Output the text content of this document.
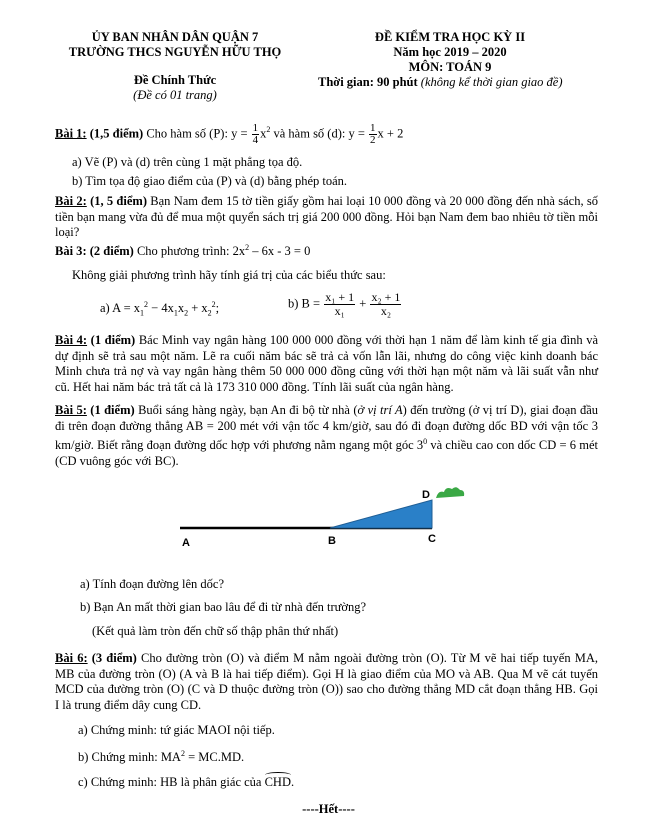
ỦY BAN NHÂN DÂN QUẬN 7
TRƯỜNG THCS NGUYỄN HỮU THỌ
Đề Chính Thức
(Đề có 01 trang)
ĐỀ KIỂM TRA HỌC KỲ II
Năm học 2019 – 2020
MÔN: TOÁN 9
Thời gian: 90 phút (không kể thời gian giao đề)
Bài 1: (1,5 điểm) Cho hàm số (P): $y = \frac{1}{4} x^2$ và hàm số (d): $y = \frac{1}{2}$ x + 2
a) Vẽ (P) và (d) trên cùng 1 mặt phẳng tọa độ.
b) Tìm tọa độ giao điểm của (P) và (d) bằng phép toán.
Bài 2: (1, 5 điểm) Bạn Nam đem 15 tờ tiền giấy gồm hai loại 10 000 đồng và 20 000 đồng đến nhà sách, số tiền bạn mang vừa đủ để mua một quyển sách trị giá 200 000 đồng. Hỏi bạn Nam đem bao nhiêu tờ tiền mỗi loại?
Bài 3: (2 điểm) Cho phương trình: $2x^2 - 6x - 3 = 0$
Không giải phương trình hãy tính giá trị của các biểu thức sau:
a) $A = x_1^2 - 4x_1x_2 + x_2^2$;	b) $B = \frac{\text{x₁ + 1}}{\text{x₁}} + \frac{\text{x₂ + 1}}{\text{x₂}}$
Bài 4: (1 điểm) Bác Minh vay ngân hàng 100 000 000 đồng với thời hạn 1 năm để làm kinh tế gia đình và dự định sẽ trả sau một năm. Lẽ ra cuối năm bác sẽ trả cả vốn lẫn lãi, nhưng do công việc kinh doanh bác Minh chưa trả nợ và vay ngân hàng thêm 50 000 000 đồng cũng với thời hạn một năm và lãi suất vẫn như cũ. Hết hai năm bác trả tất cả là 173 310 000 đồng. Tính lãi suất của ngân hàng.
Bài 5: (1 điểm) Buổi sáng hàng ngày, bạn An đi bộ từ nhà (ở vị trí A) đến trường (ở vị trí D), giai đoạn đầu đi trên đoạn đường thẳng AB = 200 mét với vận tốc 4 km/giờ, sau đó đi đoạn đường dốc BD với vận tốc 3 km/giờ. Biết rằng đoạn đường dốc hợp với phương nằm ngang một góc $3^0$ và chiều cao con dốc CD = 6 mét (CD vuông góc với BC).
A	B	C
D
a) Tính đoạn đường lên dốc?
b) Bạn An mất thời gian bao lâu để đi từ nhà đến trường?
(Kết quả làm tròn đến chữ số thập phân thứ nhất)
Bài 6: (3 điểm) Cho đường tròn (O) và điểm M nằm ngoài đường tròn (O). Từ M vẽ hai tiếp tuyến MA, MB của đường tròn (O) (A và B là hai tiếp điểm). Gọi H là giao điểm của MO và AB. Qua M vẽ cát tuyến MCD của đường tròn (O) (C và D thuộc đường tròn (O)) sao cho đường thẳng MD cắt đoạn thẳng HB. Gọi I là trung điểm dây cung CD.
a) Chứng minh: tứ giác MAOI nội tiếp.
b) Chứng minh: $MA^2 = MC.MD$.
c) Chứng minh: HB là phân giác của CHD.
----Hết----
